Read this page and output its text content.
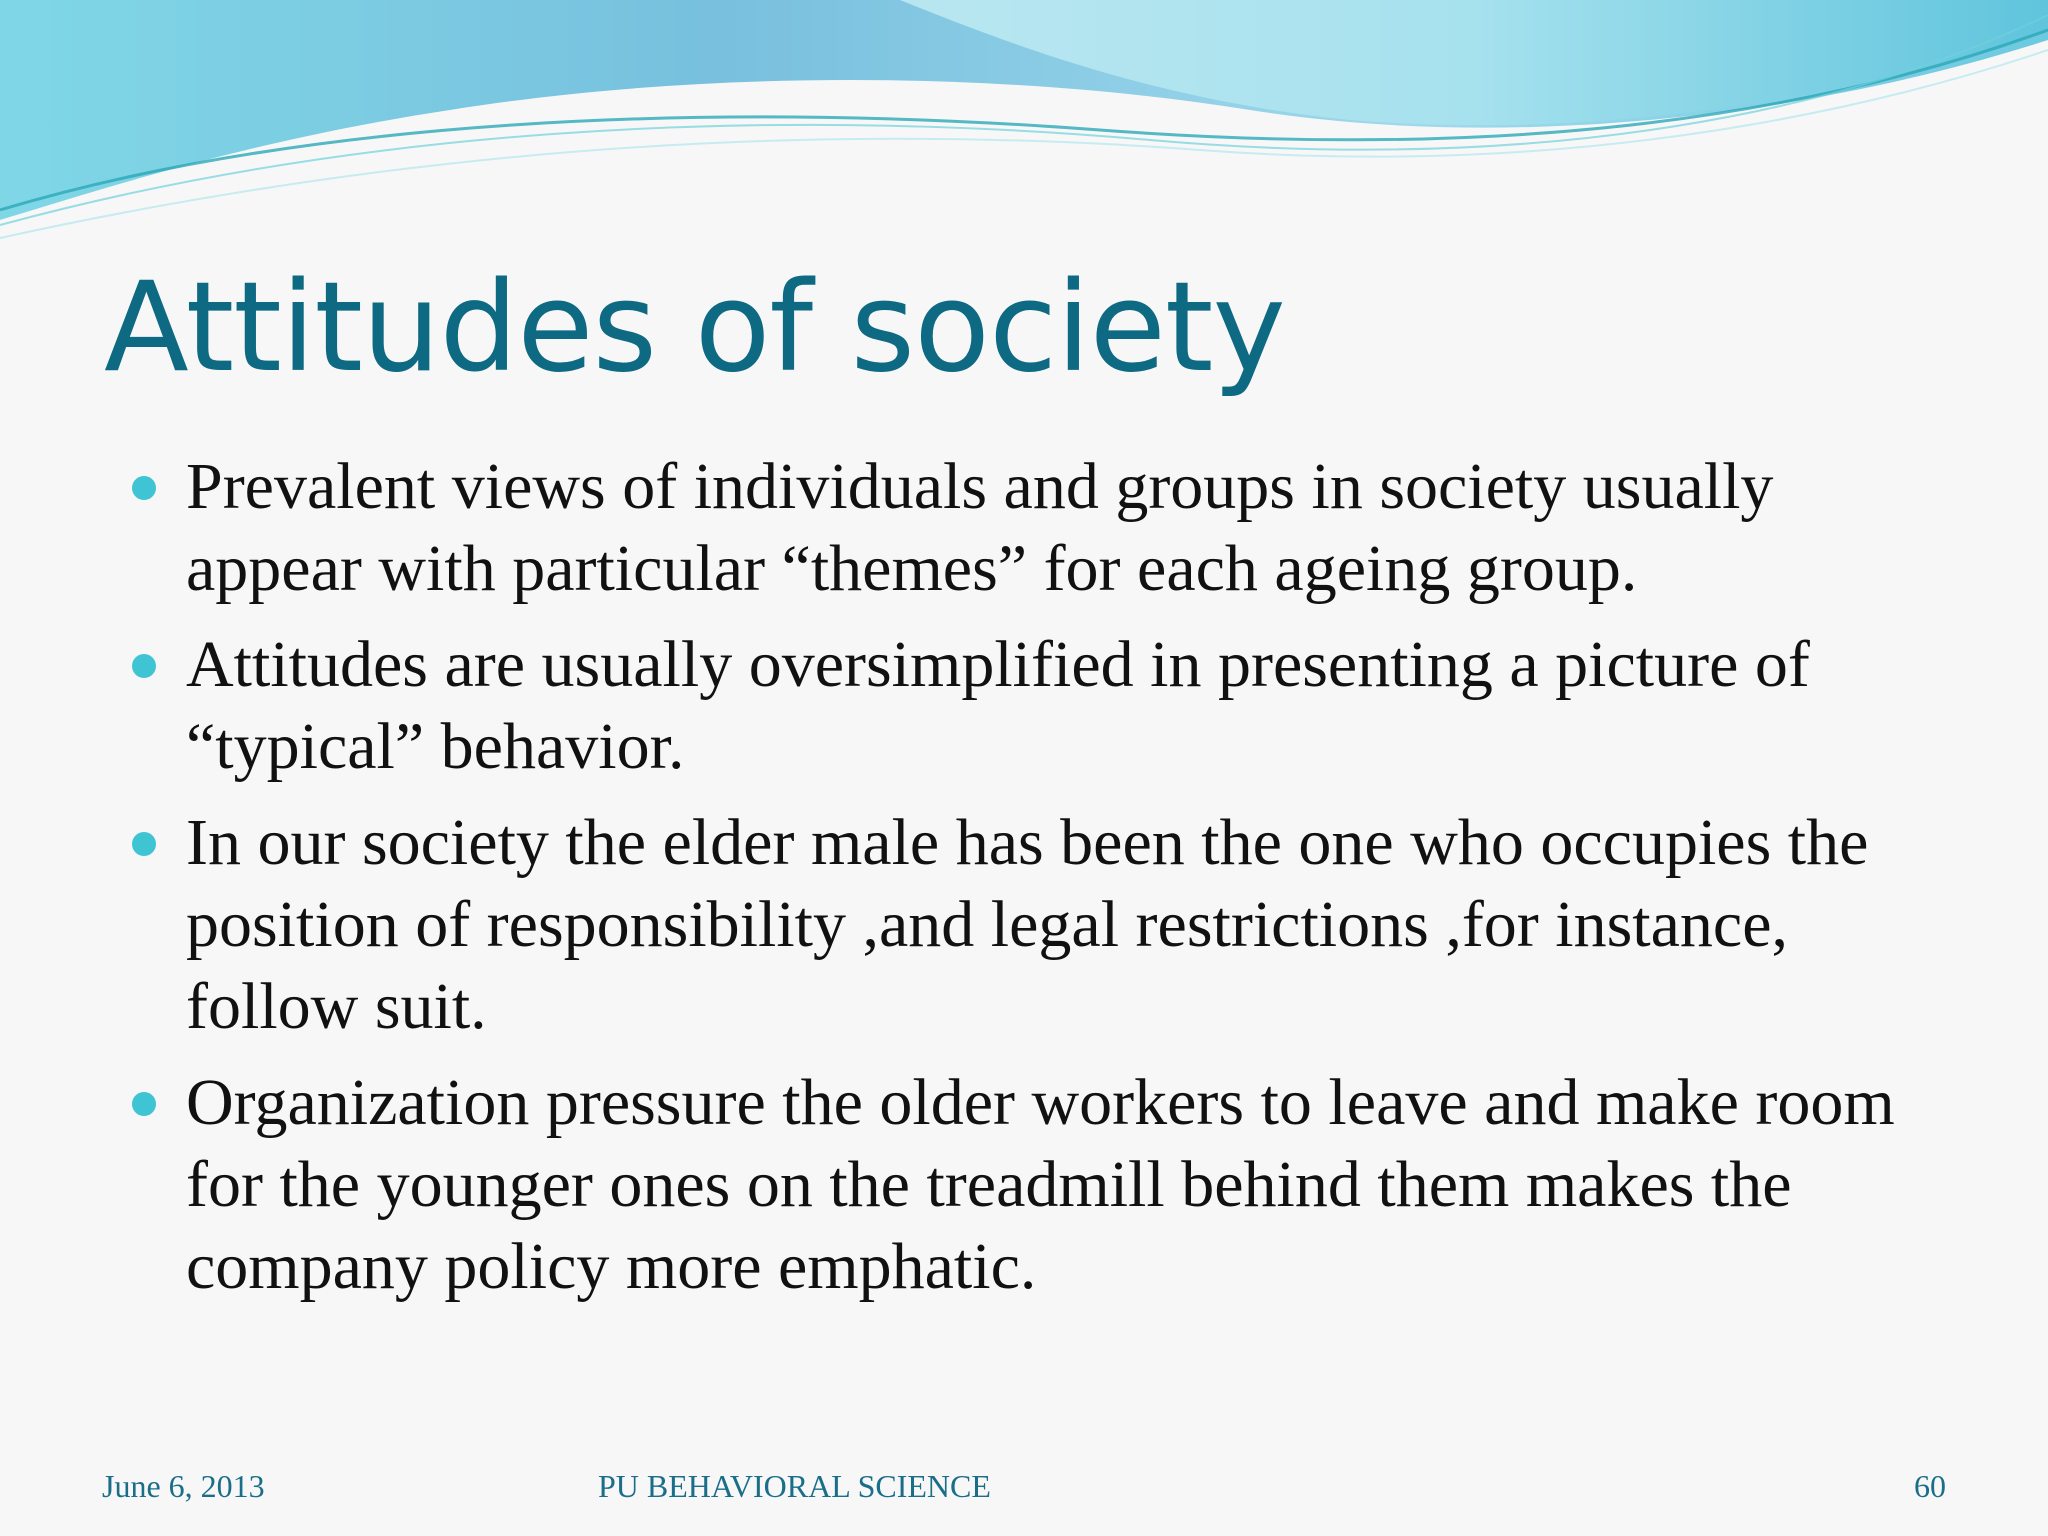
Attitudes of society
Prevalent views of individuals and groups in society usually appear with particular “themes” for each ageing group.
Attitudes are usually oversimplified in presenting a picture of “typical” behavior.
In our society the elder male has been the one who occupies the position of responsibility ,and legal restrictions ,for instance, follow suit.
Organization pressure the older workers to leave and make room for the younger ones on the treadmill behind them makes the company policy more emphatic.
June 6, 2013	PU BEHAVIORAL SCIENCE	60
